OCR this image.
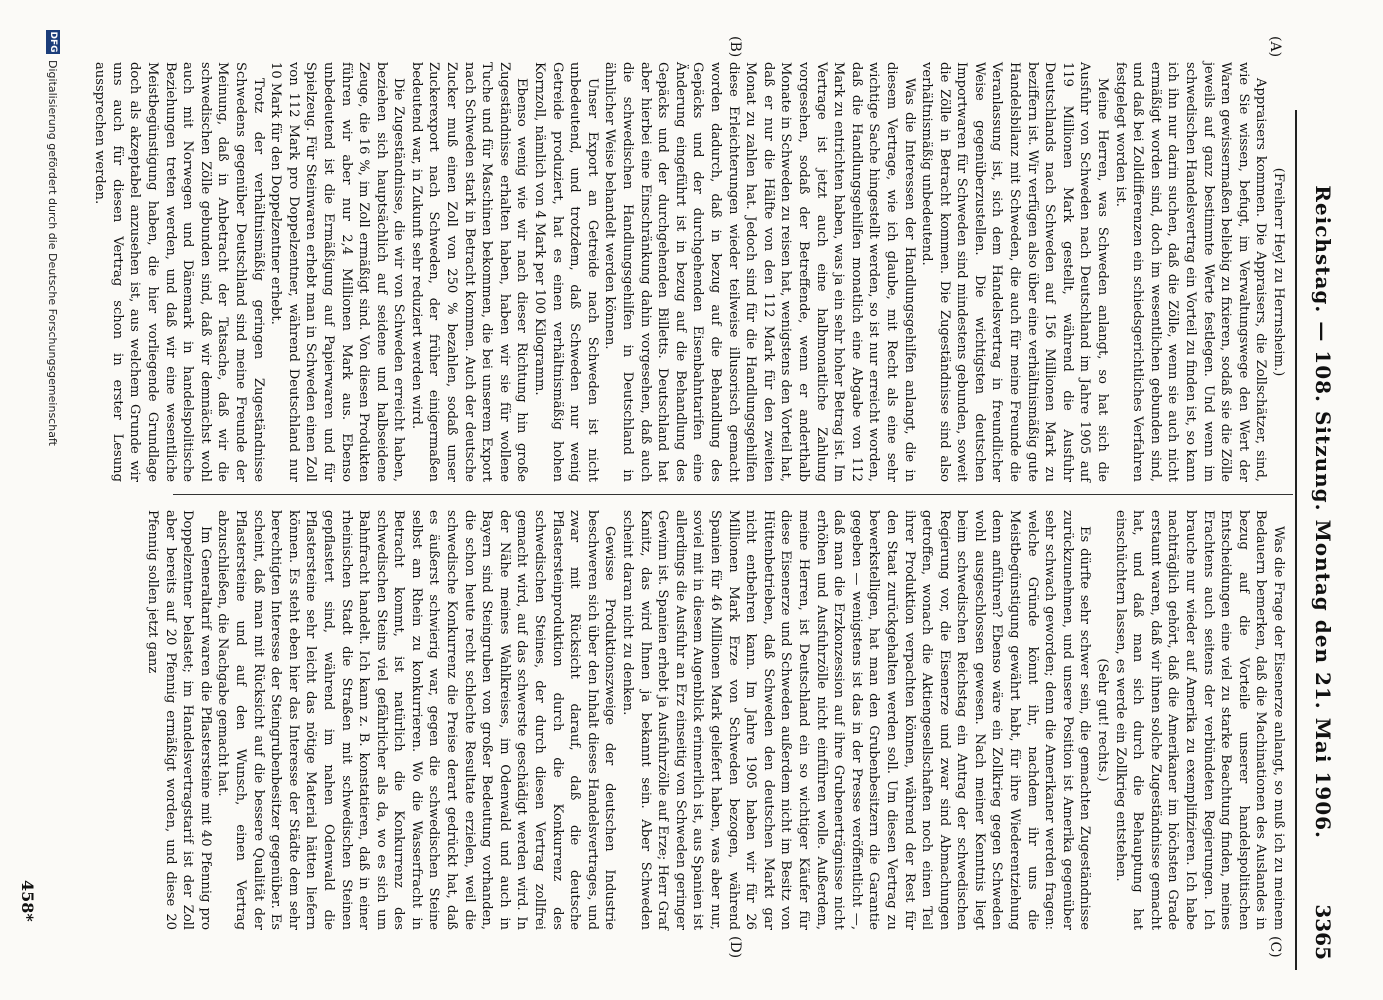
Reichstag. — 108. Sitzung. Montag den 21. Mai 1906.
3365
(A)
(B)
(C)
(D)

(Freiherr Heyl zu Herrnsheim.)

Appraisers kommen. Die Appraisers, die Zollschätzer, sind, wie Sie wissen, befugt, im Verwaltungswege den Wert der Waren gewissermaßen beliebig zu fixieren, sodaß sie die Zölle jeweils auf ganz bestimmte Werte festlegen. Und wenn im schwedischen Handelsvertrag ein Vorteil zu finden ist, so kann ich ihn nur darin suchen, daß die Zölle, wenn sie auch nicht ermäßigt worden sind, doch im wesentlichen gebunden sind, und daß bei Zolldifferenzen ein schiedsgerichtliches Verfahren festgelegt worden ist.

Meine Herren, was Schweden anlangt, so hat sich die Ausfuhr von Schweden nach Deutschland im Jahre 1905 auf 119 Millionen Mark gestellt, während die Ausfuhr Deutschlands nach Schweden auf 156 Millionen Mark zu beziffern ist. Wir verfügen also über eine verhältnismäßig gute Handelsbilanz mit Schweden, die auch für meine Freunde die Veranlassung ist, sich dem Handelsvertrag in freundlicher Weise gegenüberzustellen. Die wichtigsten deutschen Importwaren für Schweden sind mindestens gebunden, soweit die Zölle in Betracht kommen. Die Zugeständnisse sind also verhältnismäßig unbedeutend.

Was die Interessen der Handlungsgehilfen anlangt, die in diesem Vertrage, wie ich glaube, mit Recht als eine sehr wichtige Sache hingestellt werden, so ist nur erreicht worden, daß die Handlungsgehilfen monatlich eine Abgabe von 112 Mark zu entrichten haben, was ja ein sehr hoher Betrag ist. Im Vertrage ist jetzt auch eine halbmonatliche Zahlung vorgesehen, sodaß der Betreffende, wenn er anderthalb Monate in Schweden zu reisen hat, wenigstens den Vorteil hat, daß er nur die Hälfte von den 112 Mark für den zweiten Monat zu zahlen hat. Jedoch sind für die Handlungsgehilfen diese Erleichterungen wieder teilweise illusorisch gemacht worden dadurch, daß in bezug auf die Behandlung des Gepäcks und der durchgehenden Eisenbahntarifen eine Änderung eingeführt ist in bezug auf die Behandlung des Gepäcks und der durchgehenden Billetts. Deutschland hat aber hierbei eine Einschränkung dahin vorgesehen, daß auch die schwedischen Handlungsgehilfen in Deutschland in ähnlicher Weise behandelt werden können.

Unser Export an Getreide nach Schweden ist nicht unbedeutend, und trotzdem, daß Schweden nur wenig Getreide produziert, hat es einen verhältnismäßig hohen Kornzoll, nämlich von 4 Mark per 100 Kilogramm.

Ebenso wenig wie wir nach dieser Richtung hin große Zugeständnisse erhalten haben, haben wir sie für wollene Tuche und für Maschinen bekommen, die bei unserem Export nach Schweden stark in Betracht kommen. Auch der deutsche Zucker muß einen Zoll von 250 % bezahlen, sodaß unser Zuckerexport nach Schweden, der früher einigermaßen bedeutend war, in Zukunft sehr reduziert werden wird.

Die Zugeständnisse, die wir von Schweden erreicht haben, beziehen sich hauptsächlich auf seidene und halbseidene Zeuge, die 16 %, im Zoll ermäßigt sind. Von diesen Produkten führen wir aber nur 2,4 Millionen Mark aus. Ebenso unbedeutend ist die Ermäßigung auf Papierwaren und für Spielzeug. Für Steinwaren erhebt man in Schweden einen Zoll von 112 Mark pro Doppelzentner, während Deutschland nur 10 Mark für den Doppelzentner erhebt.

Trotz der verhältnismäßig geringen Zugeständnisse Schwedens gegenüber Deutschland sind meine Freunde der Meinung, daß in Anbetracht der Tatsache, daß wir die schwedischen Zölle gebunden sind, daß wir demnächst wohl auch mit Norwegen und Dänemark in handelspolitische Beziehungen treten werden, und daß wir eine wesentliche Meistbegünstigung haben, die hier vorliegende Grundlage doch als akzeptabel anzusehen ist, aus welchem Grunde wir uns auch für diesen Vertrag schon in erster Lesung aussprechen werden.

Was die Frage der Eisenerze anlangt, so muß ich zu meinem Bedauern bemerken, daß die Machinationen des Auslandes in bezug auf die Vorteile unserer handelspolitischen Entscheidungen eine viel zu starke Beachtung finden, meines Erachtens auch seitens der verbündeten Regierungen. Ich brauche nur wieder auf Amerika zu exemplifizieren. Ich habe nachträglich gehört, daß die Amerikaner im höchsten Grade erstaunt waren, daß wir ihnen solche Zugeständnisse gemacht hat, und daß man sich durch die Behauptung hat einschüchtern lassen, es werde ein Zollkrieg entstehen.

(Sehr gut! rechts.)

Es dürfte sehr schwer sein, die gemachten Zugeständnisse zurückzunehmen, und unsere Position ist Amerika gegenüber sehr schwach geworden; denn die Amerikaner werden fragen: welche Gründe könnt ihr, nachdem ihr uns die Meistbegünstigung gewährt habt, für ihre Wiederentziehung denn anführen? Ebenso wäre ein Zollkrieg gegen Schweden wohl ausgeschlossen gewesen. Nach meiner Kenntnis liegt beim schwedischen Reichstag ein Antrag der schwedischen Regierung vor, die Eisenerze und zwar sind Abmachungen getroffen, wonach die Aktiengesellschaften noch einen Teil ihrer Produktion verpachten können, während der Rest für den Staat zurückgehalten werden soll. Um diesen Vertrag zu bewerkstelligen, hat man den Grubenbesitzern die Garantie gegeben — wenigstens ist das in der Presse veröffentlicht —, daß man die Erzkonzession auf ihre Grubenerträgnisse nicht erhöhen und Ausfuhrzölle nicht einführen wolle. Außerdem, meine Herren, ist Deutschland ein so wichtiger Käufer für diese Eisenerze und Schweden außerdem nicht im Besitz von Hüttenbetrieben, daß Schweden den deutschen Markt gar nicht entbehren kann. Im Jahre 1905 haben wir für 26 Millionen Mark Erze von Schweden bezogen, während Spanien für 46 Millionen Mark geliefert haben, was aber nur, soviel mit in diesem Augenblick erinnerlich ist, aus Spanien ist allerdings die Ausfuhr an Erz einseitig von Schweden geringer Gewinn ist. Spanien erhebt ja Ausfuhrzölle auf Erze; Herr Graf Kanitz, das wird Ihnen ja bekannt sein. Aber Schweden scheint daran nicht zu denken.

Gewisse Produktionszweige der deutschen Industrie beschweren sich über den Inhalt dieses Handelsvertrages, und zwar mit Rücksicht darauf, daß die deutsche Pflastersteinproduktion durch die Konkurrenz des schwedischen Steines, der durch diesen Vertrag zollfrei gemacht wird, auf das schwerste geschädigt werden wird. In der Nähe meines Wahlkreises, im Odenwald und auch in Bayern sind Steingruben von großer Bedeutung vorhanden, die schon heute recht schlechte Resultate erzielen, weil die schwedische Konkurrenz die Preise derart gedrückt hat, daß es äußerst schwierig war, gegen die schwedischen Steine selbst am Rhein zu konkurrieren. Wo die Wasserfracht in Betracht kommt, ist natürlich die Konkurrenz des schwedischen Steins viel gefährlicher als da, wo es sich um Bahnfracht handelt. Ich kann z. B. konstatieren, daß in einer rheinischen Stadt die Straßen mit schwedischen Steinen gepflastert sind, während im nahen Odenwald die Pflastersteine sehr leicht das nötige Material hätten liefern können. Es steht eben hier das Interesse der Städte dem sehr berechtigten Interesse der Steingrubenbesitzer gegenüber. Es scheint, daß man mit Rücksicht auf die bessere Qualität der Pflastersteine und auf den Wunsch, einen Vertrag abzuschließen, die Nachgabe gemacht hat.

Im Generaltarif waren die Pflastersteine mit 40 Pfennig pro Doppelzentner belastet; im Handelsvertragstarif ist der Zoll aber bereits auf 20 Pfennig ermäßigt worden, und diese 20 Pfennig sollen jetzt ganz

458*
DFG
Digitalisierung gefördert durch die Deutsche Forschungsgemeinschaft
